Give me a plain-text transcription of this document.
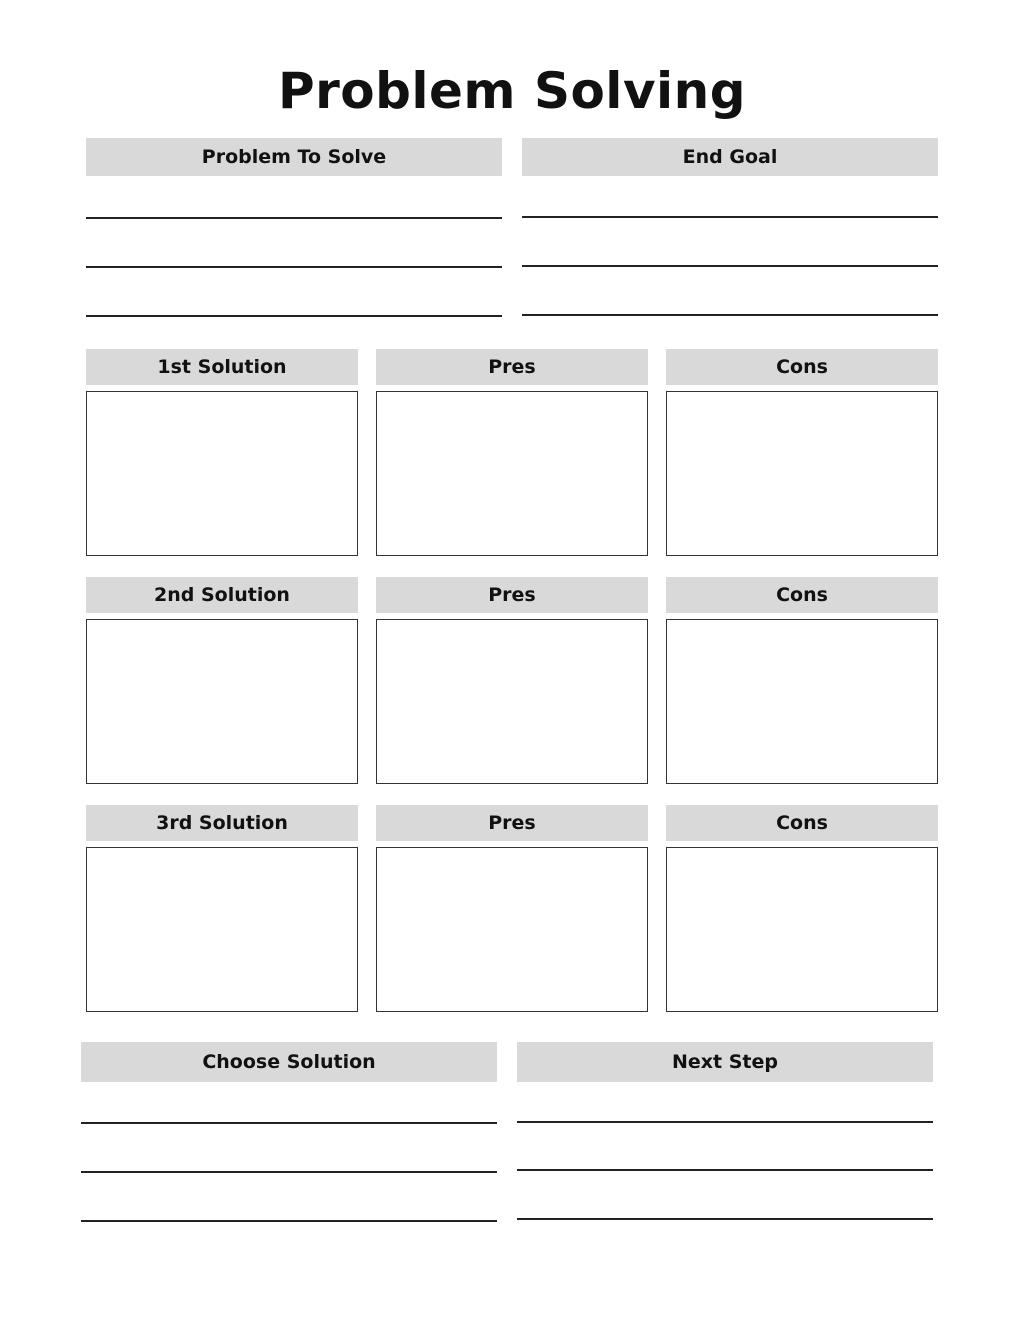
Problem Solving
Problem To Solve	End Goal
1st Solution	Pres	Cons
2nd Solution	Pres	Cons
3rd Solution	Pres	Cons
Choose Solution	Next Step
